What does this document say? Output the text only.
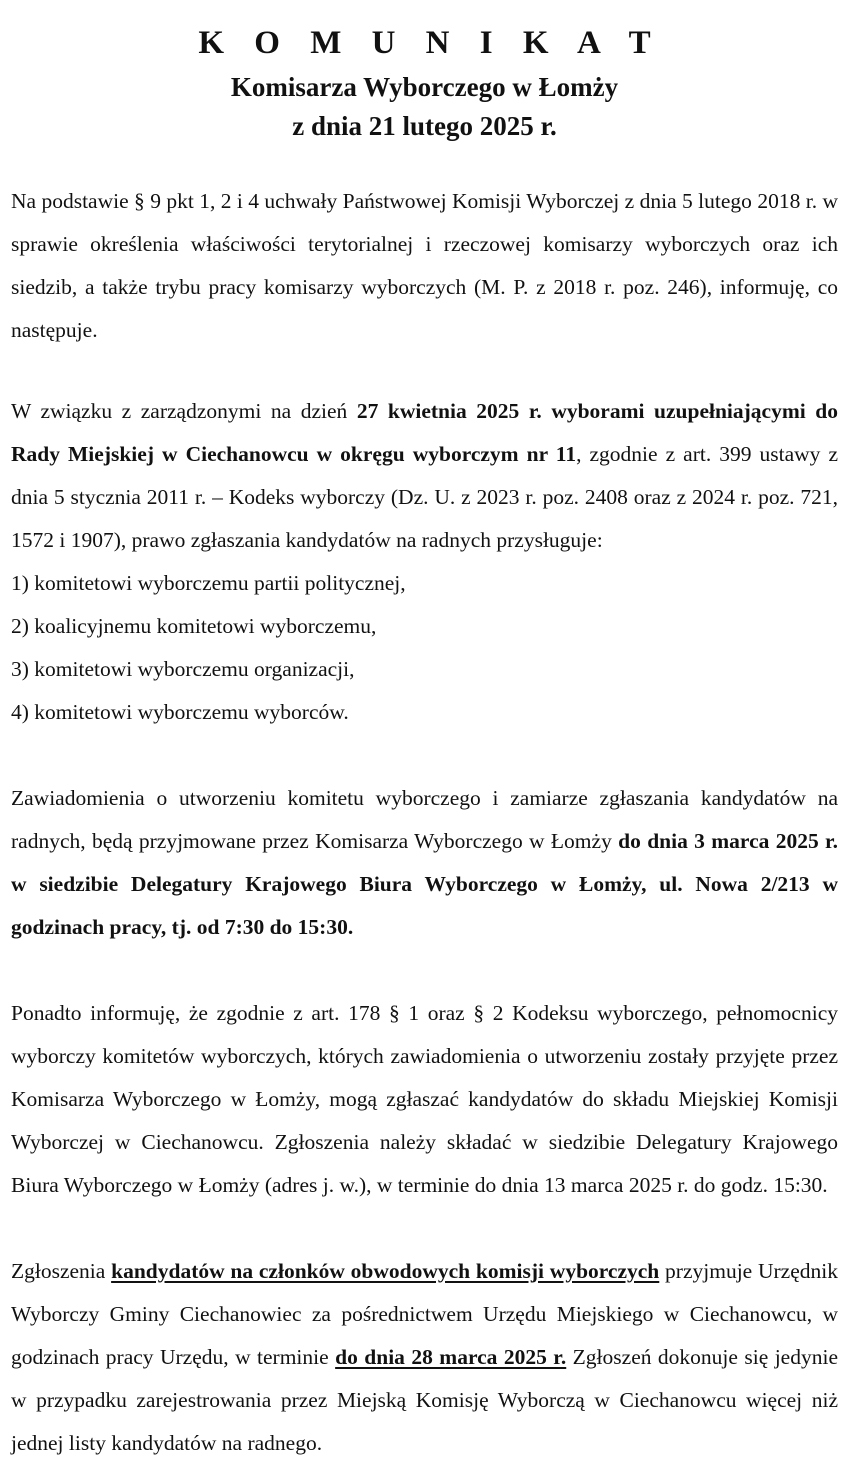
K O M U N I K A T
Komisarza Wyborczego w Łomży
z dnia 21 lutego 2025 r.

Na podstawie § 9 pkt 1, 2 i 4 uchwały Państwowej Komisji Wyborczej z dnia 5 lutego 2018 r. w sprawie określenia właściwości terytorialnej i rzeczowej komisarzy wyborczych oraz ich siedzib, a także trybu pracy komisarzy wyborczych (M. P. z 2018 r. poz. 246), informuję, co następuje.

W związku z zarządzonymi na dzień 27 kwietnia 2025 r. wyborami uzupełniającymi do Rady Miejskiej w Ciechanowcu w okręgu wyborczym nr 11, zgodnie z art. 399 ustawy z dnia 5 stycznia 2011 r. – Kodeks wyborczy (Dz. U. z 2023 r. poz. 2408 oraz z 2024 r. poz. 721, 1572 i 1907), prawo zgłaszania kandydatów na radnych przysługuje:

1) komitetowi wyborczemu partii politycznej,

2) koalicyjnemu komitetowi wyborczemu,

3) komitetowi wyborczemu organizacji,

4) komitetowi wyborczemu wyborców.

Zawiadomienia o utworzeniu komitetu wyborczego i zamiarze zgłaszania kandydatów na radnych, będą przyjmowane przez Komisarza Wyborczego w Łomży do dnia 3 marca 2025 r. w siedzibie Delegatury Krajowego Biura Wyborczego w Łomży, ul. Nowa 2/213 w godzinach pracy, tj. od 7:30 do 15:30.

Ponadto informuję, że zgodnie z art. 178 § 1 oraz § 2 Kodeksu wyborczego, pełnomocnicy wyborczy komitetów wyborczych, których zawiadomienia o utworzeniu zostały przyjęte przez Komisarza Wyborczego w Łomży, mogą zgłaszać kandydatów do składu Miejskiej Komisji Wyborczej w Ciechanowcu. Zgłoszenia należy składać w siedzibie Delegatury Krajowego Biura Wyborczego w Łomży (adres j. w.), w terminie do dnia 13 marca 2025 r. do godz. 15:30.

Zgłoszenia kandydatów na członków obwodowych komisji wyborczych przyjmuje Urzędnik Wyborczy Gminy Ciechanowiec za pośrednictwem Urzędu Miejskiego w Ciechanowcu, w godzinach pracy Urzędu, w terminie do dnia 28 marca 2025 r. Zgłoszeń dokonuje się jedynie w przypadku zarejestrowania przez Miejską Komisję Wyborczą w Ciechanowcu więcej niż jednej listy kandydatów na radnego.
